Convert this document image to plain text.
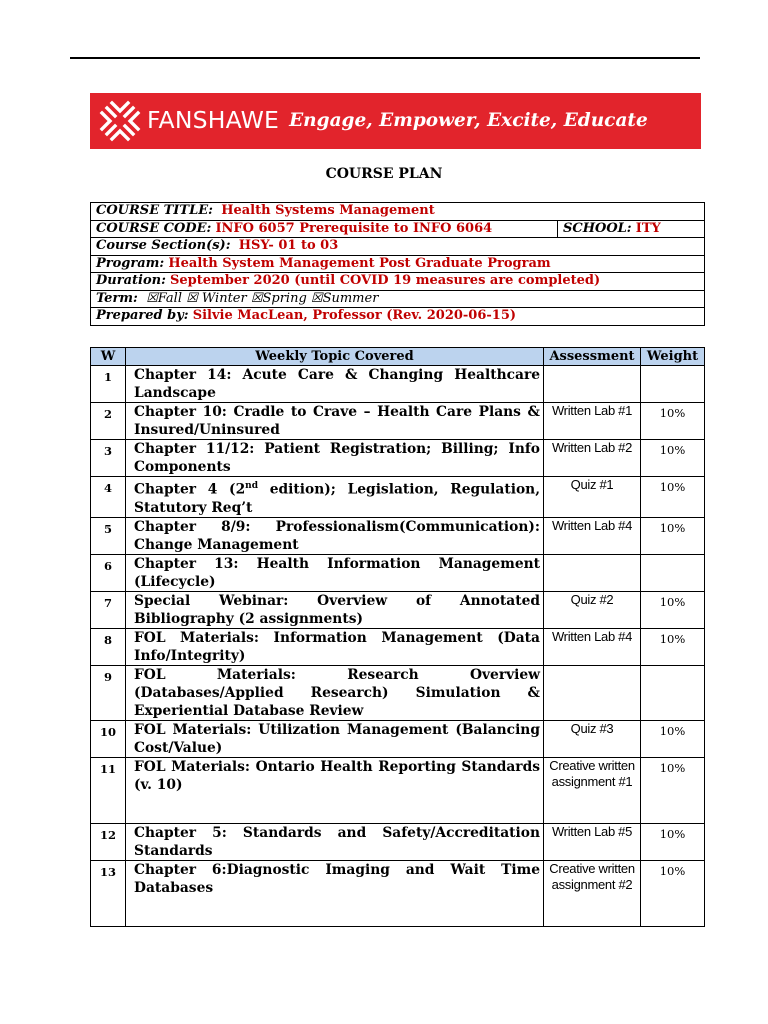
FANSHAWE Engage, Empower, Excite, Educate
COURSE PLAN
COURSE TITLE: Health Systems Management
COURSE CODE: INFO 6057 Prerequisite to INFO 6064	SCHOOL: ITY
Course Section(s): HSY- 01 to 03
Program: Health System Management Post Graduate Program
Duration: September 2020 (until COVID 19 measures are completed)
Term: ☒Fall ☒ Winter ☒Spring ☒Summer
Prepared by: Silvie MacLean, Professor (Rev. 2020-06-15)
W	Weekly Topic Covered	Assessment	Weight
1	Chapter 14: Acute Care & Changing Healthcare Landscape		
2	Chapter 10: Cradle to Crave – Health Care Plans & Insured/Uninsured	Written Lab #1	10%
3	Chapter 11/12: Patient Registration; Billing; Info Components	Written Lab #2	10%
4	Chapter 4 (2nd edition); Legislation, Regulation, Statutory Req’t	Quiz #1	10%
5	Chapter 8/9: Professionalism(Communication): Change Management	Written Lab #4	10%
6	Chapter 13: Health Information Management (Lifecycle)		
7	Special Webinar: Overview of Annotated Bibliography (2 assignments)	Quiz #2	10%
8	FOL Materials: Information Management (Data Info/Integrity)	Written Lab #4	10%
9	FOL Materials: Research Overview (Databases/Applied Research) Simulation & Experiential Database Review		
10	FOL Materials: Utilization Management (Balancing Cost/Value)	Quiz #3	10%
11	FOL Materials: Ontario Health Reporting Standards (v. 10)	Creative written assignment #1	10%
12	Chapter 5: Standards and Safety/Accreditation Standards	Written Lab #5	10%
13	Chapter 6:Diagnostic Imaging and Wait Time Databases	Creative written assignment #2	10%
